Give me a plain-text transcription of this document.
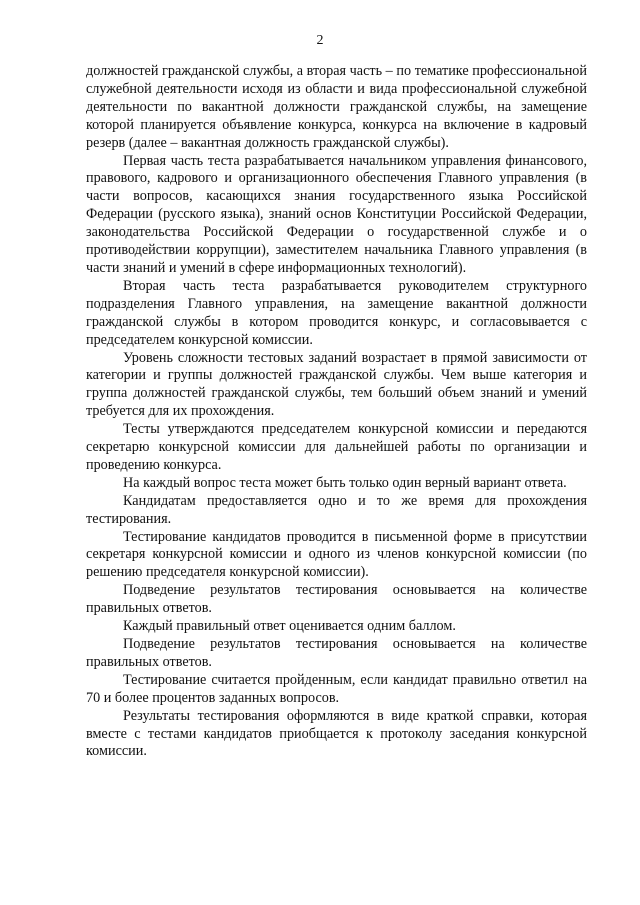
2

должностей гражданской службы, а вторая часть – по тематике профессиональной служебной деятельности исходя из области и вида профессиональной служебной деятельности по вакантной должности гражданской службы, на замещение которой планируется объявление конкурса, конкурса на включение в кадровый резерв (далее – вакантная должность гражданской службы).

Первая часть теста разрабатывается начальником управления финансового, правового, кадрового и организационного обеспечения Главного управления (в части вопросов, касающихся знания государственного языка Российской Федерации (русского языка), знаний основ Конституции Российской Федерации, законодательства Российской Федерации о государственной службе и о противодействии коррупции), заместителем начальника Главного управления (в части знаний и умений в сфере информационных технологий).

Вторая часть теста разрабатывается руководителем структурного подразделения Главного управления, на замещение вакантной должности гражданской службы в котором проводится конкурс, и согласовывается с председателем конкурсной комиссии.

Уровень сложности тестовых заданий возрастает в прямой зависимости от категории и группы должностей гражданской службы. Чем выше категория и группа должностей гражданской службы, тем больший объем знаний и умений требуется для их прохождения.

Тесты утверждаются председателем конкурсной комиссии и передаются секретарю конкурсной комиссии для дальнейшей работы по организации и проведению конкурса.

На каждый вопрос теста может быть только один верный вариант ответа.

Кандидатам предоставляется одно и то же время для прохождения тестирования.

Тестирование кандидатов проводится в письменной форме в присутствии секретаря конкурсной комиссии и одного из членов конкурсной комиссии (по решению председателя конкурсной комиссии).

Подведение результатов тестирования основывается на количестве правильных ответов.

Каждый правильный ответ оценивается одним баллом.

Подведение результатов тестирования основывается на количестве правильных ответов.

Тестирование считается пройденным, если кандидат правильно ответил на 70 и более процентов заданных вопросов.

Результаты тестирования оформляются в виде краткой справки, которая вместе с тестами кандидатов приобщается к протоколу заседания конкурсной комиссии.
